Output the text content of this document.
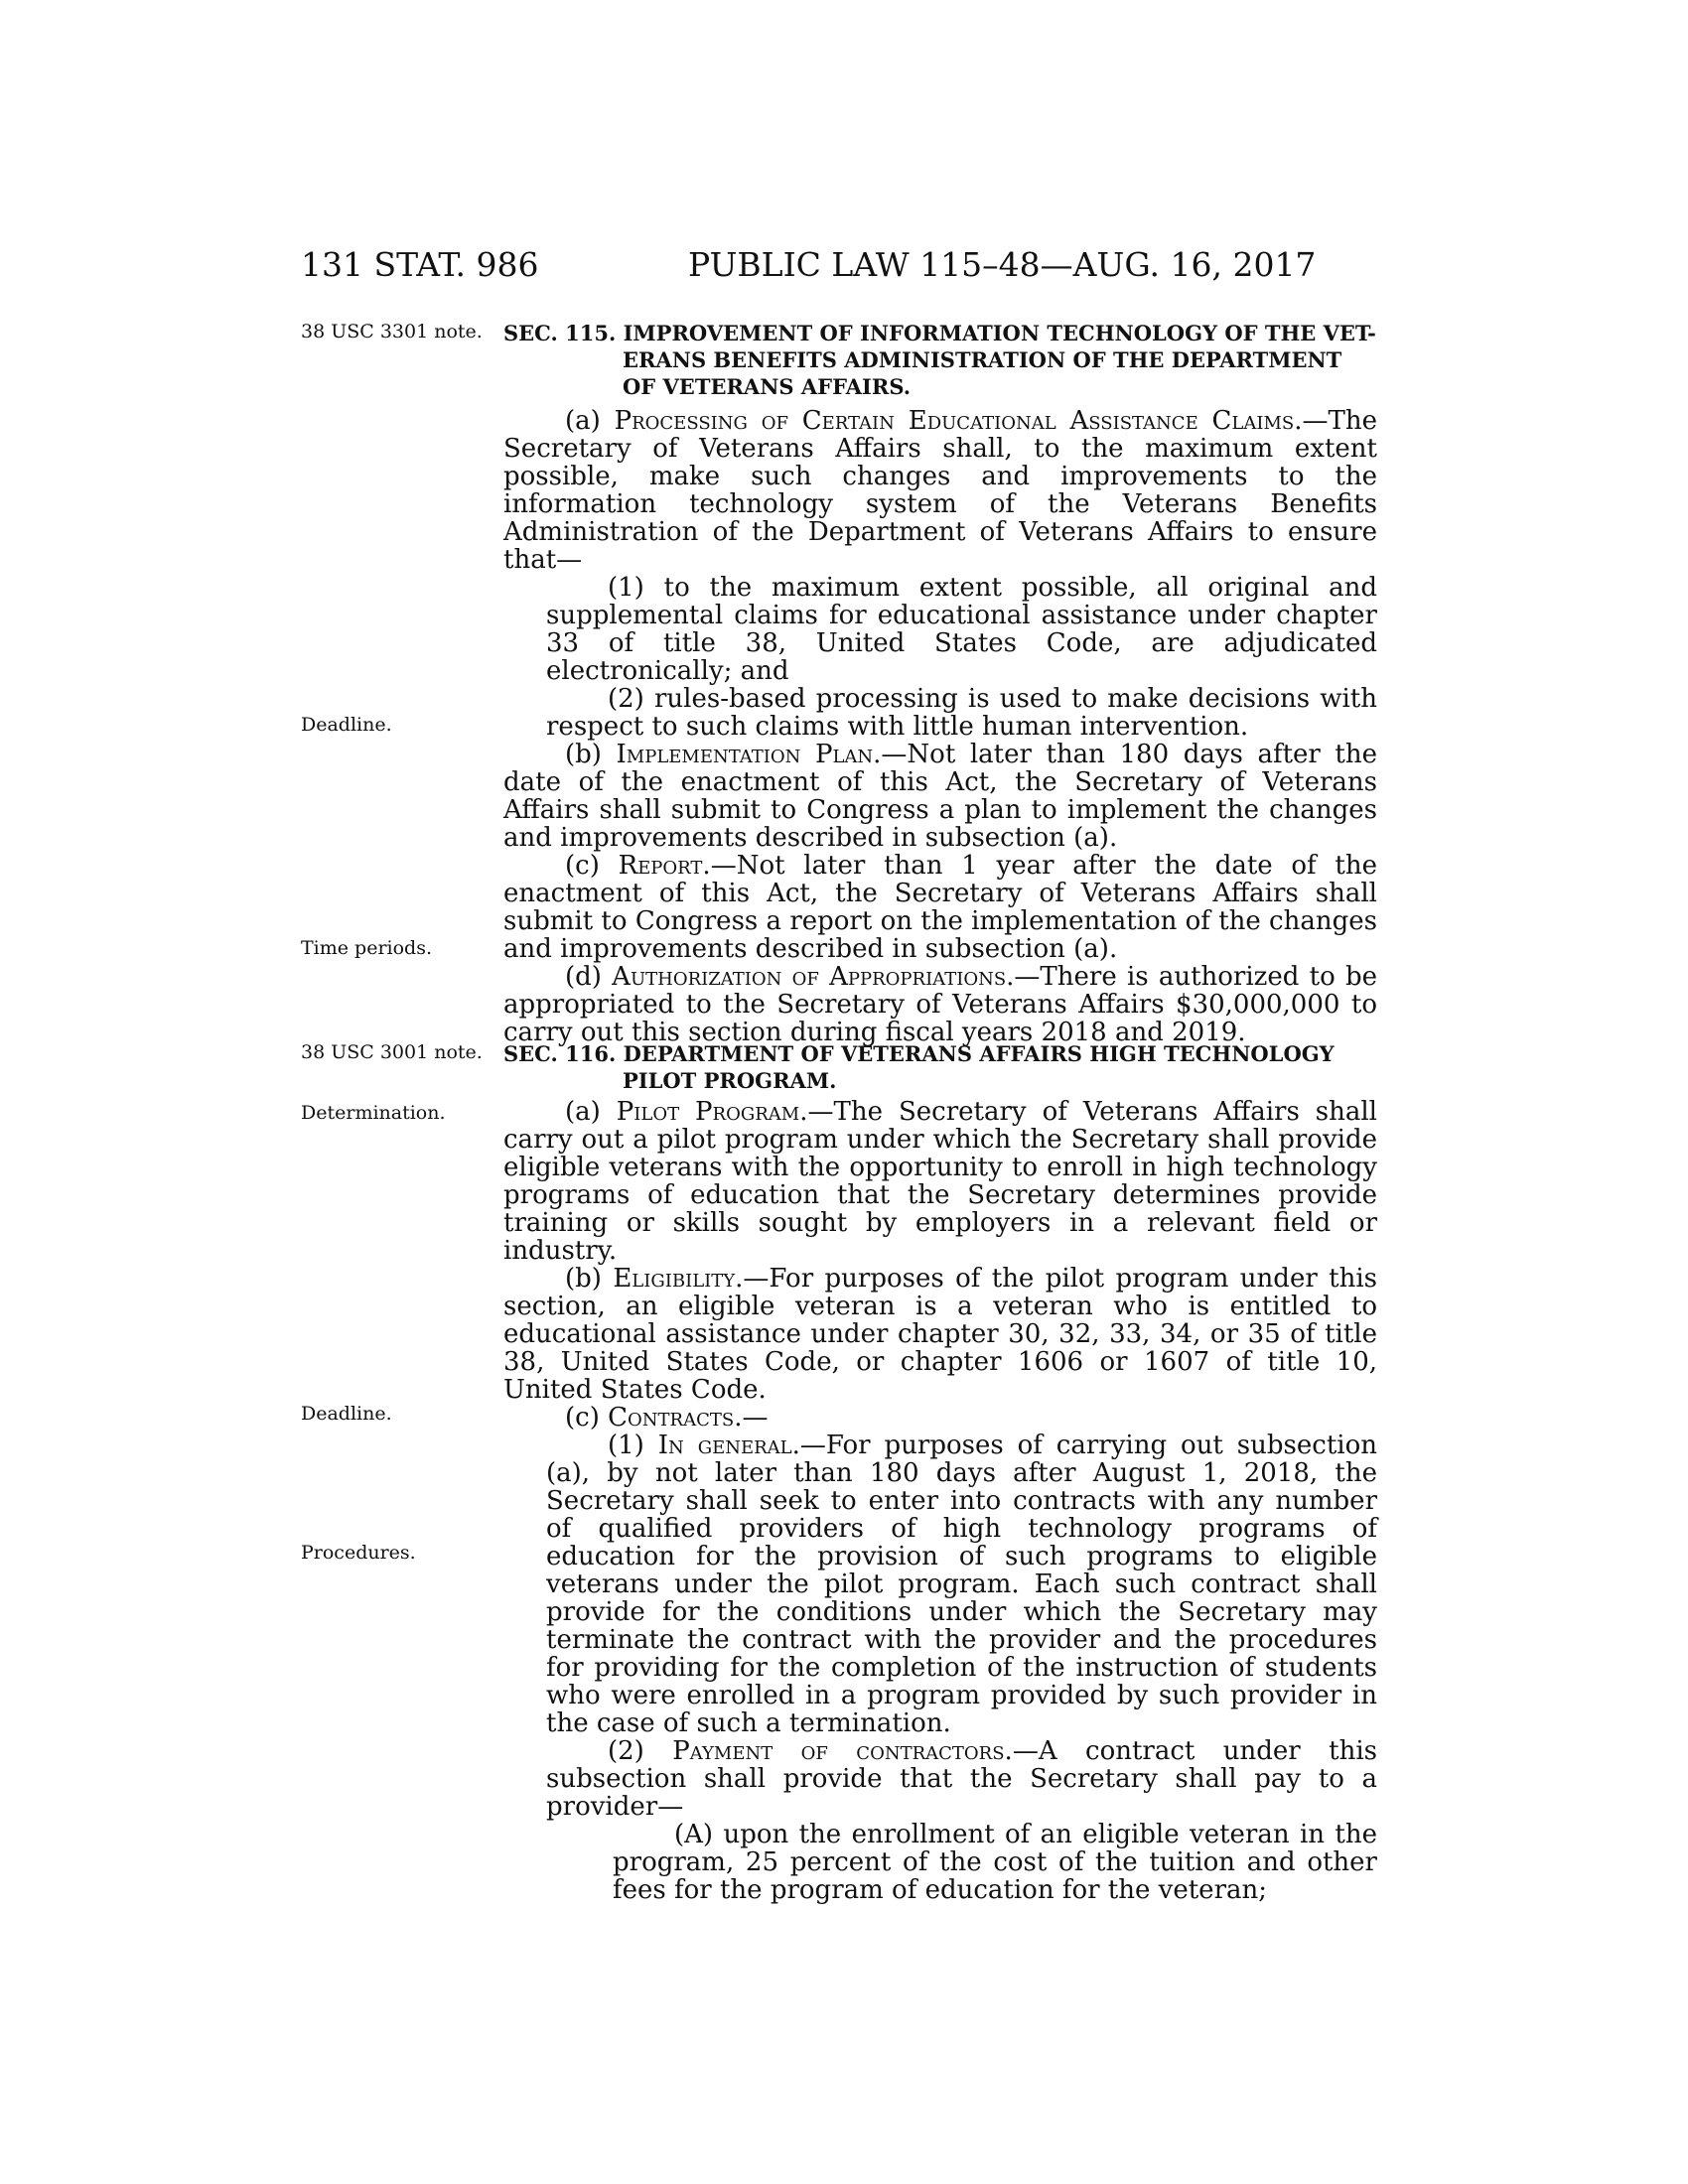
131 STAT. 986	PUBLIC LAW 115–48—AUG. 16, 2017
38 USC 3301 note.
Deadline.
Time periods.
38 USC 3001 note.
Determination.
Deadline.
Procedures.
SEC. 115. IMPROVEMENT OF INFORMATION TECHNOLOGY OF THE VET-
ERANS BENEFITS ADMINISTRATION OF THE DEPARTMENT OF VETERANS AFFAIRS.

(a) Processing of Certain Educational Assistance Claims.—The Secretary of Veterans Affairs shall, to the maximum extent possible, make such changes and improvements to the information technology system of the Veterans Benefits Administration of the Department of Veterans Affairs to ensure that—

(1) to the maximum extent possible, all original and supplemental claims for educational assistance under chapter 33 of title 38, United States Code, are adjudicated electronically; and

(2) rules-based processing is used to make decisions with respect to such claims with little human intervention.

(b) Implementation Plan.—Not later than 180 days after the date of the enactment of this Act, the Secretary of Veterans Affairs shall submit to Congress a plan to implement the changes and improvements described in subsection (a).

(c) Report.—Not later than 1 year after the date of the enactment of this Act, the Secretary of Veterans Affairs shall submit to Congress a report on the implementation of the changes and improvements described in subsection (a).

(d) Authorization of Appropriations.—There is authorized to be appropriated to the Secretary of Veterans Affairs $30,000,000 to carry out this section during fiscal years 2018 and 2019.

SEC. 116. DEPARTMENT OF VETERANS AFFAIRS HIGH TECHNOLOGY
PILOT PROGRAM.

(a) Pilot Program.—The Secretary of Veterans Affairs shall carry out a pilot program under which the Secretary shall provide eligible veterans with the opportunity to enroll in high technology programs of education that the Secretary determines provide training or skills sought by employers in a relevant field or industry.

(b) Eligibility.—For purposes of the pilot program under this section, an eligible veteran is a veteran who is entitled to educational assistance under chapter 30, 32, 33, 34, or 35 of title 38, United States Code, or chapter 1606 or 1607 of title 10, United States Code.

(c) Contracts.—

(1) In general.—For purposes of carrying out subsection (a), by not later than 180 days after August 1, 2018, the Secretary shall seek to enter into contracts with any number of qualified providers of high technology programs of education for the provision of such programs to eligible veterans under the pilot program. Each such contract shall provide for the conditions under which the Secretary may terminate the contract with the provider and the procedures for providing for the completion of the instruction of students who were enrolled in a program provided by such provider in the case of such a termination.

(2) Payment of contractors.—A contract under this subsection shall provide that the Secretary shall pay to a provider—

(A) upon the enrollment of an eligible veteran in the program, 25 percent of the cost of the tuition and other fees for the program of education for the veteran;
